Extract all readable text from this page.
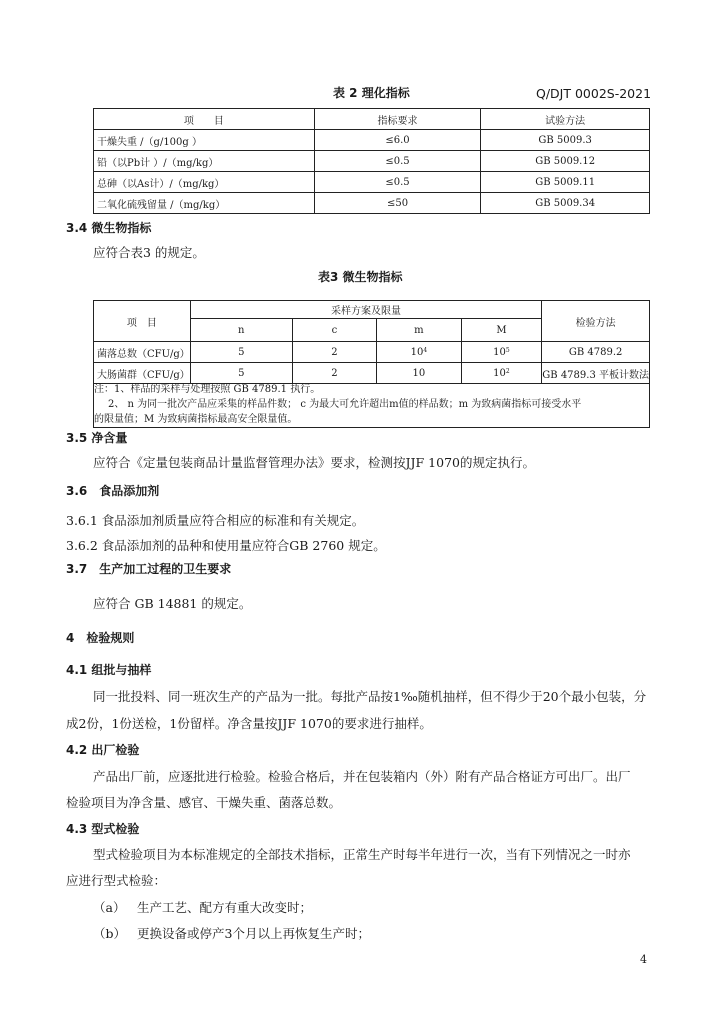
表 2 理化指标	Q/DJT 0002S-2021
项　　目	指标要求	试验方法
干燥失重 /（g/100g ）	≤6.0	GB 5009.3
铅（以Pb计 ）/（mg/kg）	≤0.5	GB 5009.12
总砷（以As计）/（mg/kg）	≤0.5	GB 5009.11
二氧化硫残留量 /（mg/kg）	≤50	GB 5009.34
3.4 微生物指标
应符合表3 的规定。
表3 微生物指标
项　目	采样方案及限量				检验方法
	n	c	m	M	
菌落总数（CFU/g）	5	2	$10^4$	$10^5$	GB 4789.2
大肠菌群（CFU/g）	5	2	10	$10^2$	GB 4789.3 平板计数法

注：1、样品的采样与处理按照 GB 4789.1 执行。
2、 n 为同一批次产品应采集的样品件数； c 为最大可允许超出m值的样品数；m 为致病菌指标可接受水平
的限量值；M 为致病菌指标最高安全限量值。
3.5 净含量
应符合《定量包装商品计量监督管理办法》要求，检测按JJF 1070的规定执行。
3.6　食品添加剂
3.6.1 食品添加剂质量应符合相应的标准和有关规定。
3.6.2 食品添加剂的品种和使用量应符合GB 2760 规定。
3.7　生产加工过程的卫生要求
应符合 GB 14881 的规定。
4　检验规则
4.1 组批与抽样
同一批投料、同一班次生产的产品为一批。每批产品按1‰随机抽样，但不得少于20个最小包装，分
成2份，1份送检，1份留样。净含量按JJF 1070的要求进行抽样。
4.2 出厂检验
产品出厂前，应逐批进行检验。检验合格后，并在包装箱内（外）附有产品合格证方可出厂。出厂
检验项目为净含量、感官、干燥失重、菌落总数。
4.3 型式检验
型式检验项目为本标准规定的全部技术指标，正常生产时每半年进行一次，当有下列情况之一时亦
应进行型式检验：
（a） 生产工艺、配方有重大改变时；
（b） 更换设备或停产3个月以上再恢复生产时；
4
